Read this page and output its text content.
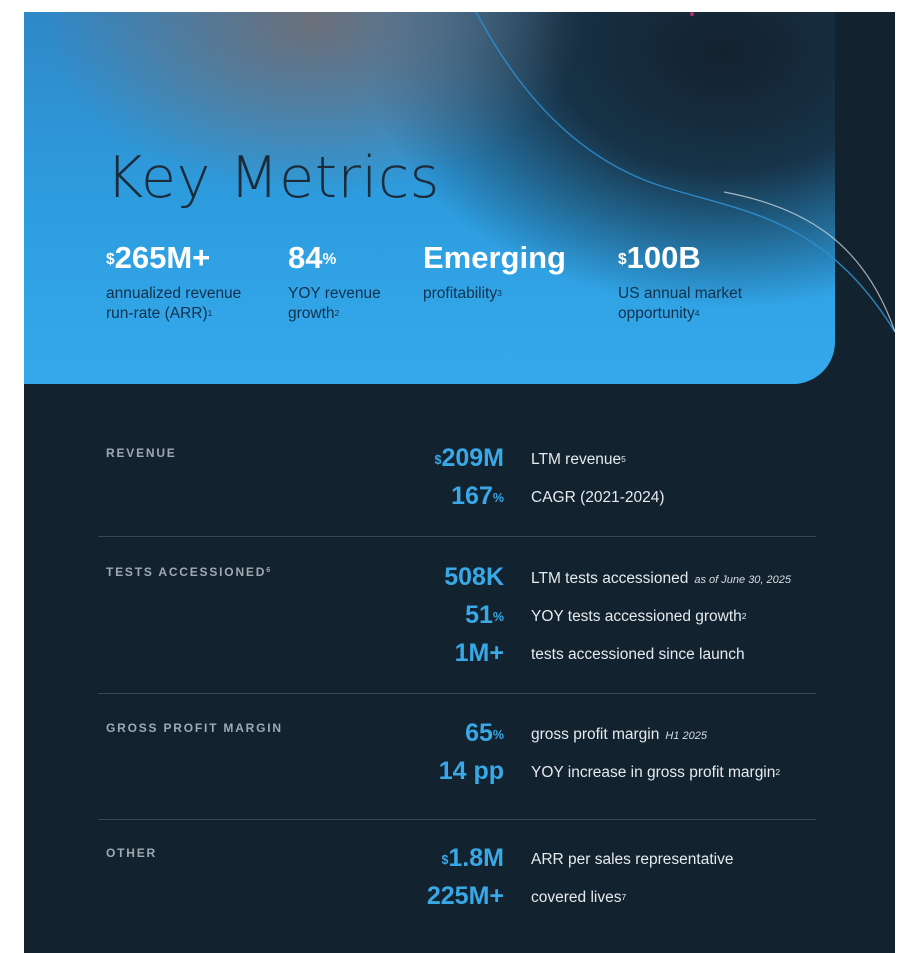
Key Metrics
$265M+
annualized revenue
run-rate (ARR)$^1$
84%
YOY revenue
growth$^2$
Emerging
profitability$^3$
$100B
US annual market
opportunity$^4$
REVENUE	$209M LTM revenue$^5$
167% CAGR (2021-2024)
TESTS ACCESSIONED$^6$	508K LTM tests accessioned as of June 30, 2025
51% YOY tests accessioned growth$^2$
1M+ tests accessioned since launch
GROSS PROFIT MARGIN	65% gross profit margin H1 2025
14 pp YOY increase in gross profit margin$^2$
OTHER	$1.8M ARR per sales representative
225M+ covered lives$^7$
